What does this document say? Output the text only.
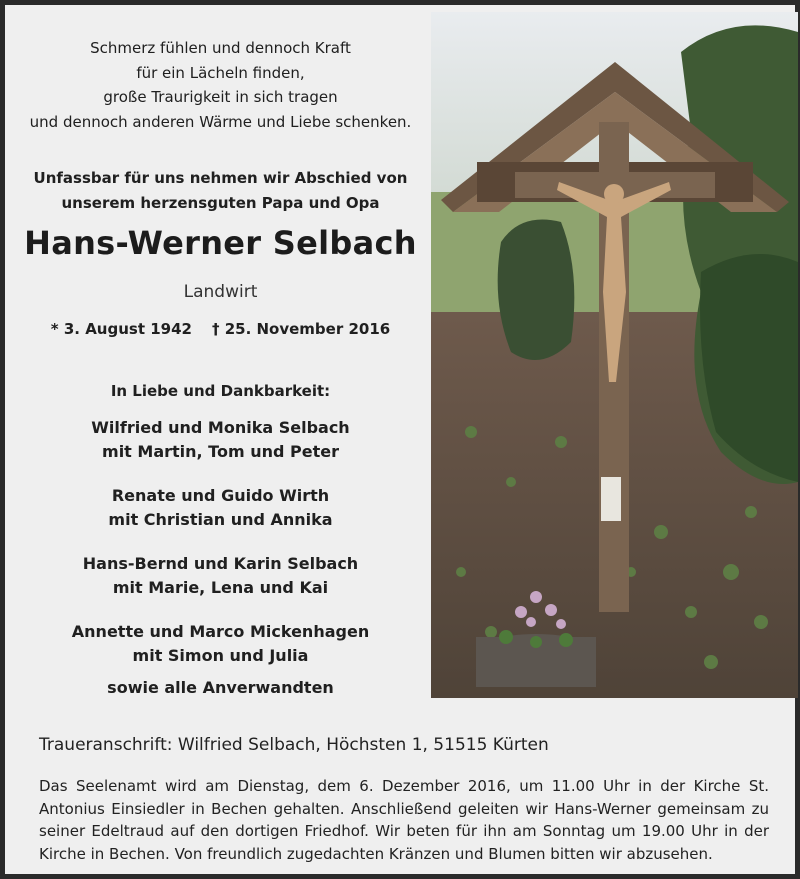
Schmerz fühlen und dennoch Kraft
für ein Lächeln finden,
große Traurigkeit in sich tragen
und dennoch anderen Wärme und Liebe schenken.
Unfassbar für uns nehmen wir Abschied von
unserem herzensguten Papa und Opa
Hans-Werner Selbach
Landwirt
* 3. August 1942 † 25. November 2016
In Liebe und Dankbarkeit:
Wilfried und Monika Selbach
mit Martin, Tom und Peter
Renate und Guido Wirth
mit Christian und Annika
Hans-Bernd und Karin Selbach
mit Marie, Lena und Kai
Annette und Marco Mickenhagen
mit Simon und Julia
sowie alle Anverwandten
Traueranschrift: Wilfried Selbach, Höchsten 1, 51515 Kürten
Das Seelenamt wird am Dienstag, dem 6. Dezember 2016, um 11.00 Uhr in der Kirche St. Antonius Einsiedler in Bechen gehalten. Anschließend geleiten wir Hans-Werner gemeinsam zu seiner Edeltraud auf den dortigen Friedhof. Wir beten für ihn am Sonntag um 19.00 Uhr in der Kirche in Bechen. Von freundlich zugedachten Kränzen und Blumen bitten wir abzusehen.
